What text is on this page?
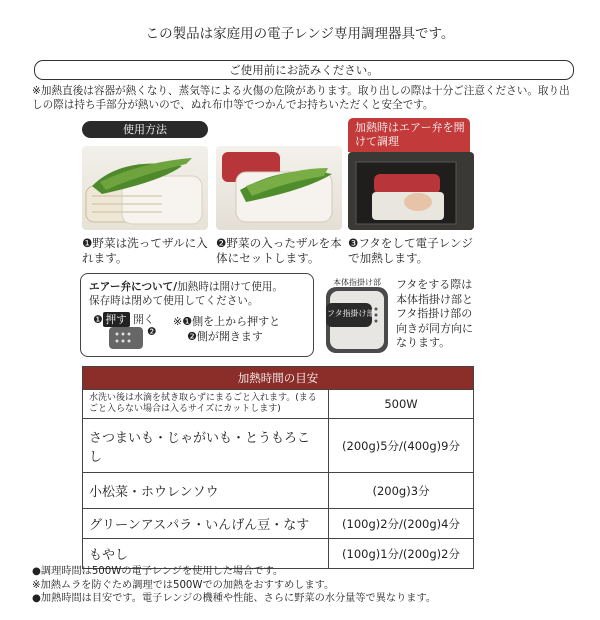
この製品は家庭用の電子レンジ専用調理器具です。
ご使用前にお読みください。
※加熱直後は容器が熱くなり、蒸気等による火傷の危険があります。取り出しの際は十分ご注意ください。取り出しの際は持ち手部分が熱いので、ぬれ布巾等でつかんでお持ちいただくと安全です。
使用方法	加熱時はエアー弁を開けて調理
❶野菜は洗ってザルに入れます。
❷野菜の入ったザルを本体にセットします。
❸フタをして電子レンジで加熱します。
エアー弁について/加熱時は開けて使用。
保存時は閉めて使用してください。
❶ 押す 開く
❷
※❶側を上から押すと
❷側が開きます
本体指掛け部
フタ指掛け部
フタをする際は本体指掛け部とフタ指掛け部の向きが同方向になります。
加熱時間の目安	
水洗い後は水滴を拭き取らずにまるごと入れます。(まるごと入らない場合は入るサイズにカットします)	500W
さつまいも・じゃがいも・とうもろこし	(200g)5分/(400g)9分
小松菜・ホウレンソウ	(200g)3分
グリーンアスパラ・いんげん豆・なす	(100g)2分/(200g)4分
もやし	(100g)1分/(200g)2分
●調理時間は500Wの電子レンジを使用した場合です。
※加熱ムラを防ぐため調理では500Wでの加熱をおすすめします。
●加熱時間は目安です。電子レンジの機種や性能、さらに野菜の水分量等で異なります。
